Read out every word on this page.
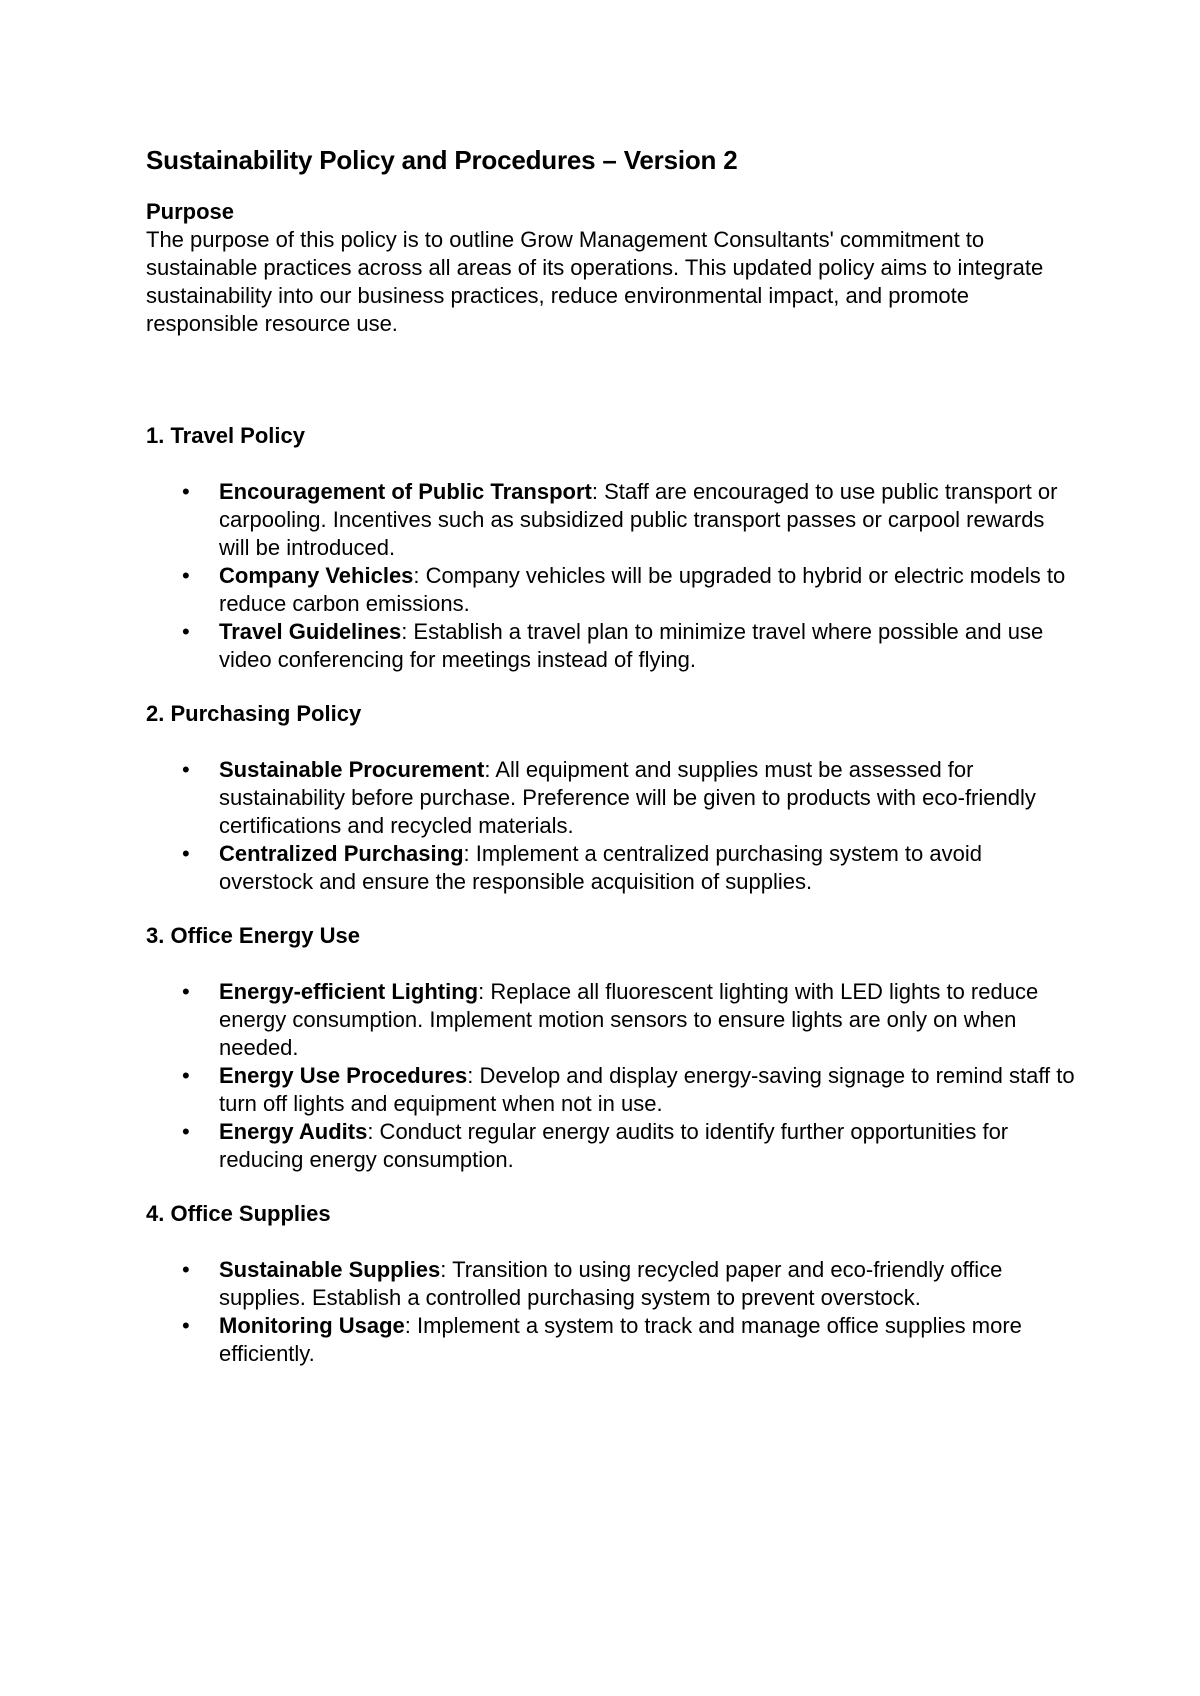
Sustainability Policy and Procedures – Version 2
Purpose

The purpose of this policy is to outline Grow Management Consultants' commitment to sustainable practices across all areas of its operations. This updated policy aims to integrate sustainability into our business practices, reduce environmental impact, and promote responsible resource use.

1. Travel Policy
• Encouragement of Public Transport: Staff are encouraged to use public transport or carpooling. Incentives such as subsidized public transport passes or carpool rewards will be introduced.
• Company Vehicles: Company vehicles will be upgraded to hybrid or electric models to reduce carbon emissions.
• Travel Guidelines: Establish a travel plan to minimize travel where possible and use video conferencing for meetings instead of flying.
2. Purchasing Policy
• Sustainable Procurement: All equipment and supplies must be assessed for sustainability before purchase. Preference will be given to products with eco-friendly certifications and recycled materials.
• Centralized Purchasing: Implement a centralized purchasing system to avoid overstock and ensure the responsible acquisition of supplies.
3. Office Energy Use
• Energy-efficient Lighting: Replace all fluorescent lighting with LED lights to reduce energy consumption. Implement motion sensors to ensure lights are only on when needed.
• Energy Use Procedures: Develop and display energy-saving signage to remind staff to turn off lights and equipment when not in use.
• Energy Audits: Conduct regular energy audits to identify further opportunities for reducing energy consumption.
4. Office Supplies
• Sustainable Supplies: Transition to using recycled paper and eco-friendly office supplies. Establish a controlled purchasing system to prevent overstock.
• Monitoring Usage: Implement a system to track and manage office supplies more efficiently.
